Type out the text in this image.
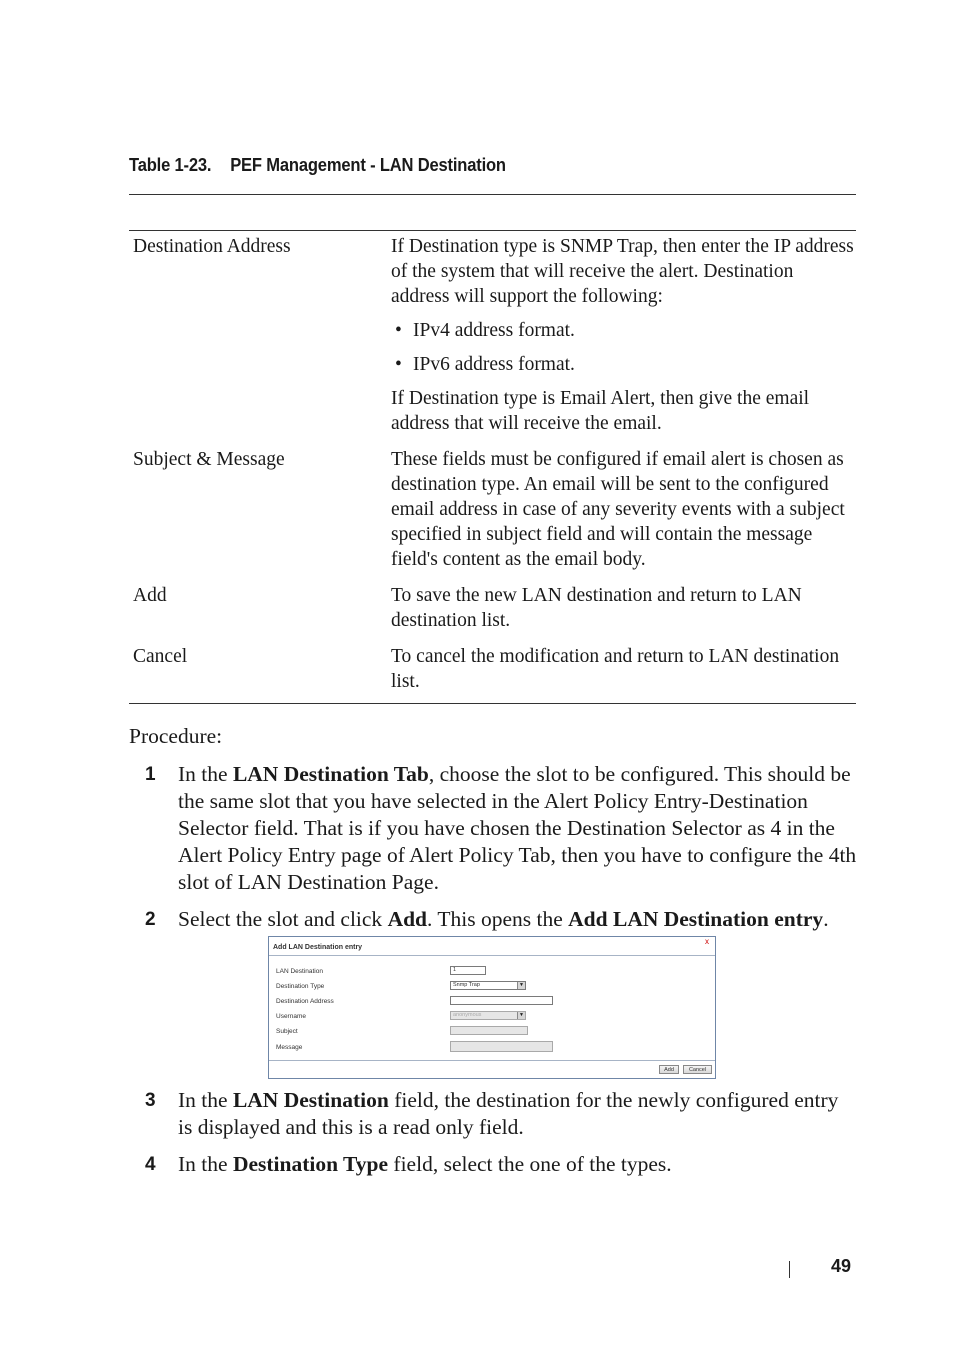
Table 1-23. PEF Management - LAN Destination
Destination Address	If Destination type is SNMP Trap, then enter the IP address of the system that will receive the alert. Destination address will support the following:

• IPv4 address format.

• IPv6 address format.

If Destination type is Email Alert, then give the email address that will receive the email.

Subject & Message	These fields must be configured if email alert is chosen as destination type. An email will be sent to the configured email address in case of any severity events with a subject specified in subject field and will contain the message field's content as the email body.
Add	To save the new LAN destination and return to LAN destination list.
Cancel	To cancel the modification and return to LAN destination list.
Procedure:
1 In the LAN Destination Tab, choose the slot to be configured. This should be the same slot that you have selected in the Alert Policy Entry-Destination Selector field. That is if you have chosen the Destination Selector as 4 in the Alert Policy Entry page of Alert Policy Tab, then you have to configure the 4th slot of LAN Destination Page.
2 Select the slot and click Add. This opens the Add LAN Destination entry.
Add LAN Destination entry
x
LAN Destination	1
Destination Type	Snmp Trap	▼
Destination Address
Username	anonymous	▼
Subject
Message
Add	Cancel
3 In the LAN Destination field, the destination for the newly configured entry is displayed and this is a read only field.
4 In the Destination Type field, select the one of the types.
49
